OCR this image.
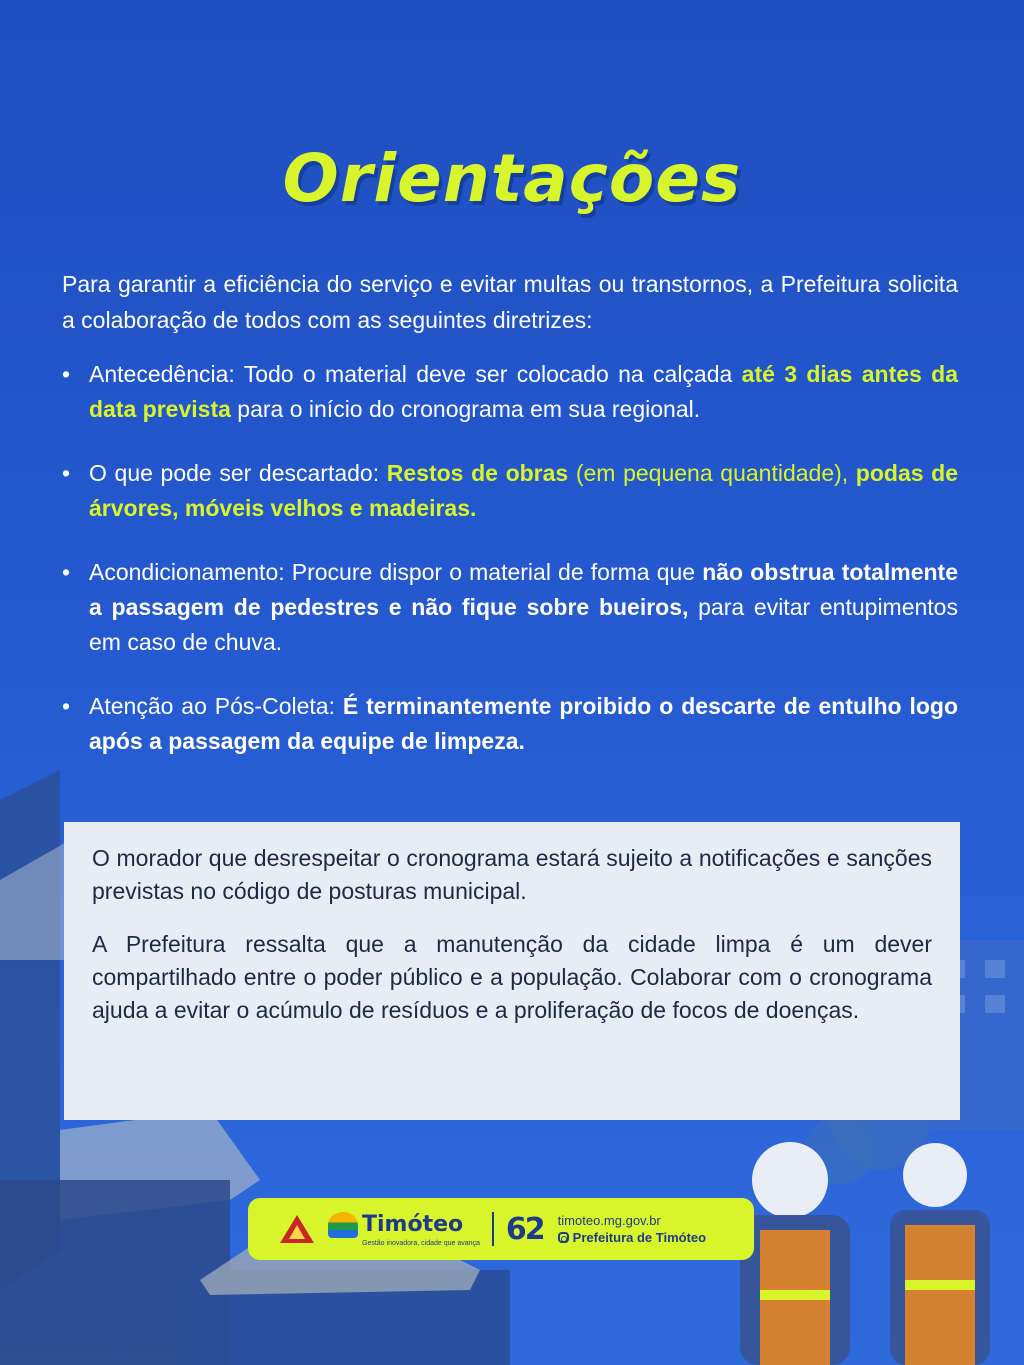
Orientações

Para garantir a eficiência do serviço e evitar multas ou transtornos, a Prefeitura solicita a colaboração de todos com as seguintes diretrizes:

• Antecedência: Todo o material deve ser colocado na calçada até 3 dias antes da data prevista para o início do cronograma em sua regional.
• O que pode ser descartado: Restos de obras (em pequena quantidade), podas de árvores, móveis velhos e madeiras.
• Acondicionamento: Procure dispor o material de forma que não obstrua totalmente a passagem de pedestres e não fique sobre bueiros, para evitar entupimentos em caso de chuva.
• Atenção ao Pós-Coleta: É terminantemente proibido o descarte de entulho logo após a passagem da equipe de limpeza.

O morador que desrespeitar o cronograma estará sujeito a notificações e sanções previstas no código de posturas municipal.

A Prefeitura ressalta que a manutenção da cidade limpa é um dever compartilhado entre o poder público e a população. Colaborar com o cronograma ajuda a evitar o acúmulo de resíduos e a proliferação de focos de doenças.

Timóteo
Gestão inovadora, cidade que avança 62 timoteo.mg.gov.br
Prefeitura de Timóteo
